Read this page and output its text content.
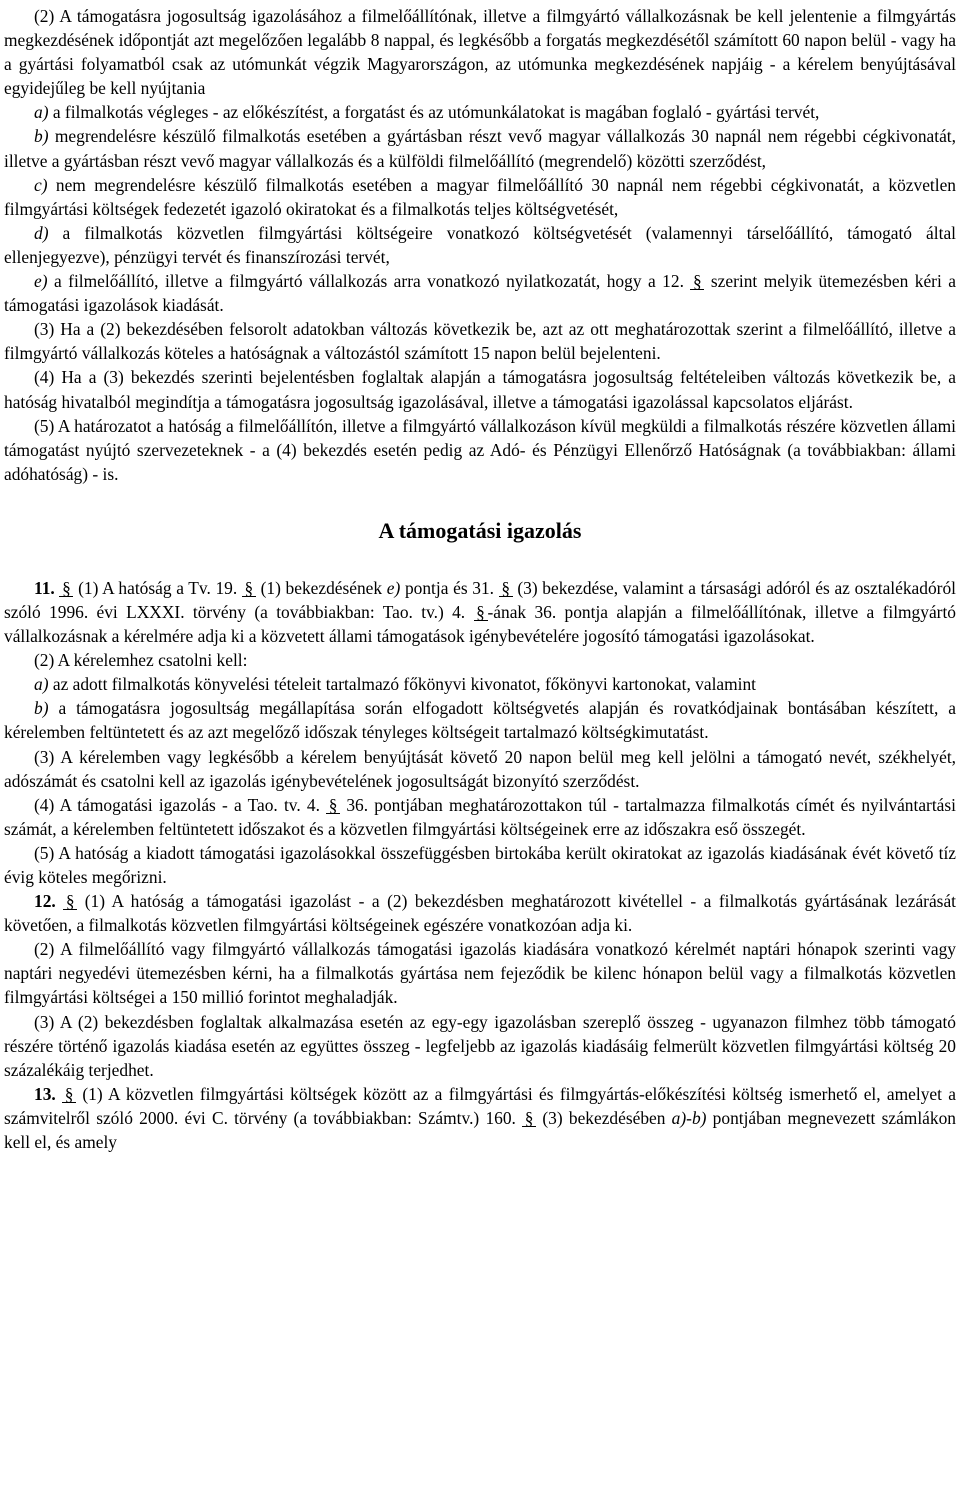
(2) A támogatásra jogosultság igazolásához a filmelőállítónak, illetve a filmgyártó vállalkozásnak be kell jelentenie a filmgyártás megkezdésének időpontját azt megelőzően legalább 8 nappal, és legkésőbb a forgatás megkezdésétől számított 60 napon belül - vagy ha a gyártási folyamatból csak az utómunkát végzik Magyarországon, az utómunka megkezdésének napjáig - a kérelem benyújtásával egyidejűleg be kell nyújtania

a) a filmalkotás végleges - az előkészítést, a forgatást és az utómunkálatokat is magában foglaló - gyártási tervét,

b) megrendelésre készülő filmalkotás esetében a gyártásban részt vevő magyar vállalkozás 30 napnál nem régebbi cégkivonatát, illetve a gyártásban részt vevő magyar vállalkozás és a külföldi filmelőállító (megrendelő) közötti szerződést,

c) nem megrendelésre készülő filmalkotás esetében a magyar filmelőállító 30 napnál nem régebbi cégkivonatát, a közvetlen filmgyártási költségek fedezetét igazoló okiratokat és a filmalkotás teljes költségvetését,

d) a filmalkotás közvetlen filmgyártási költségeire vonatkozó költségvetését (valamennyi társelőállító, támogató által ellenjegyezve), pénzügyi tervét és finanszírozási tervét,

e) a filmelőállító, illetve a filmgyártó vállalkozás arra vonatkozó nyilatkozatát, hogy a 12. § szerint melyik ütemezésben kéri a támogatási igazolások kiadását.

(3) Ha a (2) bekezdésében felsorolt adatokban változás következik be, azt az ott meghatározottak szerint a filmelőállító, illetve a filmgyártó vállalkozás köteles a hatóságnak a változástól számított 15 napon belül bejelenteni.

(4) Ha a (3) bekezdés szerinti bejelentésben foglaltak alapján a támogatásra jogosultság feltételeiben változás következik be, a hatóság hivatalból megindítja a támogatásra jogosultság igazolásával, illetve a támogatási igazolással kapcsolatos eljárást.

(5) A határozatot a hatóság a filmelőállítón, illetve a filmgyártó vállalkozáson kívül megküldi a filmalkotás részére közvetlen állami támogatást nyújtó szervezeteknek - a (4) bekezdés esetén pedig az Adó- és Pénzügyi Ellenőrző Hatóságnak (a továbbiakban: állami adóhatóság) - is.

A támogatási igazolás

11. § (1) A hatóság a Tv. 19. § (1) bekezdésének e) pontja és 31. § (3) bekezdése, valamint a társasági adóról és az osztalékadóról szóló 1996. évi LXXXI. törvény (a továbbiakban: Tao. tv.) 4. § -ának 36. pontja alapján a filmelőállítónak, illetve a filmgyártó vállalkozásnak a kérelmére adja ki a közvetett állami támogatások igénybevételére jogosító támogatási igazolásokat.

(2) A kérelemhez csatolni kell:

a) az adott filmalkotás könyvelési tételeit tartalmazó főkönyvi kivonatot, főkönyvi kartonokat, valamint

b) a támogatásra jogosultság megállapítása során elfogadott költségvetés alapján és rovatkódjainak bontásában készített, a kérelemben feltüntetett és az azt megelőző időszak tényleges költségeit tartalmazó költségkimutatást.

(3) A kérelemben vagy legkésőbb a kérelem benyújtását követő 20 napon belül meg kell jelölni a támogató nevét, székhelyét, adószámát és csatolni kell az igazolás igénybevételének jogosultságát bizonyító szerződést.

(4) A támogatási igazolás - a Tao. tv. 4. § 36. pontjában meghatározottakon túl - tartalmazza filmalkotás címét és nyilvántartási számát, a kérelemben feltüntetett időszakot és a közvetlen filmgyártási költségeinek erre az időszakra eső összegét.

(5) A hatóság a kiadott támogatási igazolásokkal összefüggésben birtokába került okiratokat az igazolás kiadásának évét követő tíz évig köteles megőrizni.

12. § (1) A hatóság a támogatási igazolást - a (2) bekezdésben meghatározott kivétellel - a filmalkotás gyártásának lezárását követően, a filmalkotás közvetlen filmgyártási költségeinek egészére vonatkozóan adja ki.

(2) A filmelőállító vagy filmgyártó vállalkozás támogatási igazolás kiadására vonatkozó kérelmét naptári hónapok szerinti vagy naptári negyedévi ütemezésben kérni, ha a filmalkotás gyártása nem fejeződik be kilenc hónapon belül vagy a filmalkotás közvetlen filmgyártási költségei a 150 millió forintot meghaladják.

(3) A (2) bekezdésben foglaltak alkalmazása esetén az egy-egy igazolásban szereplő összeg - ugyanazon filmhez több támogató részére történő igazolás kiadása esetén az együttes összeg - legfeljebb az igazolás kiadásáig felmerült közvetlen filmgyártási költség 20 százalékáig terjedhet.

13. § (1) A közvetlen filmgyártási költségek között az a filmgyártási és filmgyártás-előkészítési költség ismerhető el, amelyet a számvitelről szóló 2000. évi C. törvény (a továbbiakban: Számtv.) 160. § (3) bekezdésében a)-b) pontjában megnevezett számlákon kell el, és amely
